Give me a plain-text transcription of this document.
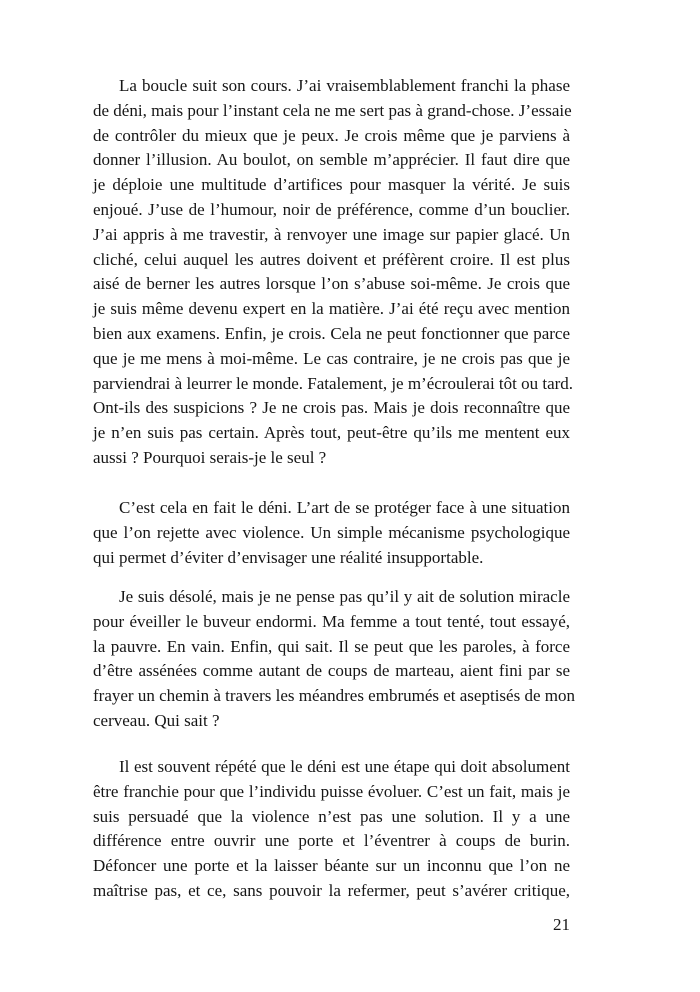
La boucle suit son cours. J’ai vraisemblablement franchi la phase
de déni, mais pour l’instant cela ne me sert pas à grand-chose. J’essaie
de contrôler du mieux que je peux. Je crois même que je parviens à
donner l’illusion. Au boulot, on semble m’apprécier. Il faut dire que
je déploie une multitude d’artifices pour masquer la vérité. Je suis
enjoué. J’use de l’humour, noir de préférence, comme d’un bouclier.
J’ai appris à me travestir, à renvoyer une image sur papier glacé. Un
cliché, celui auquel les autres doivent et préfèrent croire. Il est plus
aisé de berner les autres lorsque l’on s’abuse soi-même. Je crois que
je suis même devenu expert en la matière. J’ai été reçu avec mention
bien aux examens. Enfin, je crois. Cela ne peut fonctionner que parce
que je me mens à moi-même. Le cas contraire, je ne crois pas que je
parviendrai à leurrer le monde. Fatalement, je m’écroulerai tôt ou tard.
Ont-ils des suspicions ? Je ne crois pas. Mais je dois reconnaître que
je n’en suis pas certain. Après tout, peut-être qu’ils me mentent eux
aussi ? Pourquoi serais-je le seul ?
C’est cela en fait le déni. L’art de se protéger face à une situation
que l’on rejette avec violence. Un simple mécanisme psychologique
qui permet d’éviter d’envisager une réalité insupportable.
Je suis désolé, mais je ne pense pas qu’il y ait de solution miracle
pour éveiller le buveur endormi. Ma femme a tout tenté, tout essayé,
la pauvre. En vain. Enfin, qui sait. Il se peut que les paroles, à force
d’être assénées comme autant de coups de marteau, aient fini par se
frayer un chemin à travers les méandres embrumés et aseptisés de mon
cerveau. Qui sait ?
Il est souvent répété que le déni est une étape qui doit absolument
être franchie pour que l’individu puisse évoluer. C’est un fait, mais je
suis persuadé que la violence n’est pas une solution. Il y a une
différence entre ouvrir une porte et l’éventrer à coups de burin.
Défoncer une porte et la laisser béante sur un inconnu que l’on ne
maîtrise pas, et ce, sans pouvoir la refermer, peut s’avérer critique,
21
